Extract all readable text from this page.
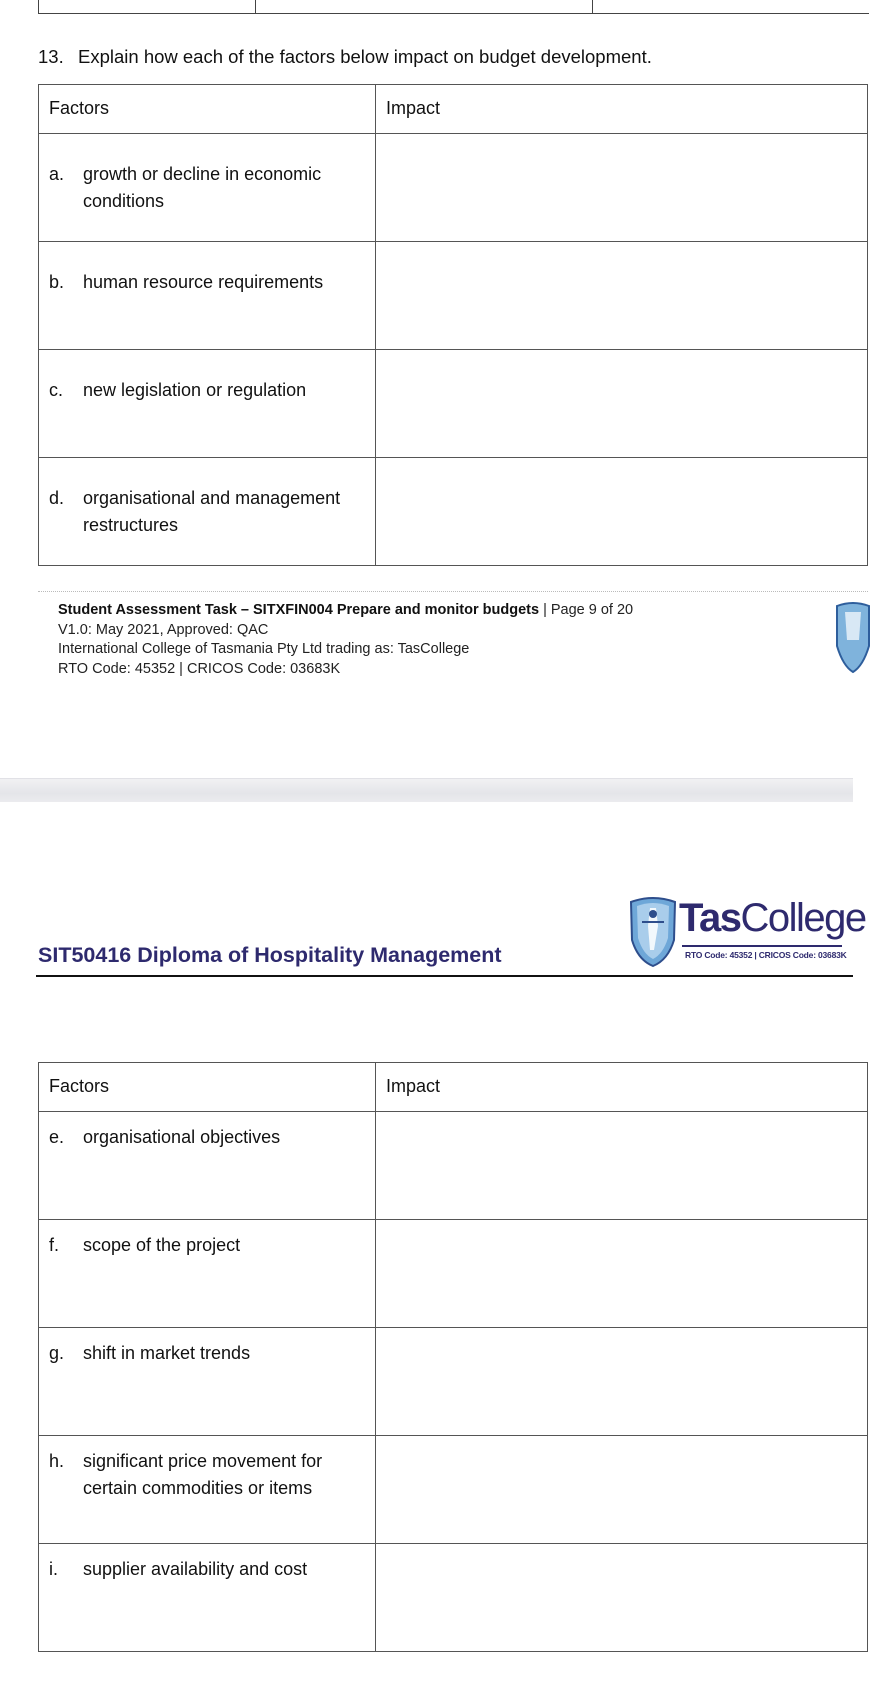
13. Explain how each of the factors below impact on budget development.
Factors	Impact

a. growth or decline in economic conditions	

b. human resource requirements	

c. new legislation or regulation	

d. organisational and management restructures	

Student Assessment Task – SITXFIN004 Prepare and monitor budgets | Page 9 of 20
V1.0: May 2021, Approved: QAC
International College of Tasmania Pty Ltd trading as: TasCollege
RTO Code: 45352 | CRICOS Code: 03683K
TasCollege
RTO Code: 45352 | CRICOS Code: 03683K
SIT50416 Diploma of Hospitality Management
Factors	Impact

e. organisational objectives	

f. scope of the project	

g. shift in market trends	

h. significant price movement for certain commodities or items	

i. supplier availability and cost	
